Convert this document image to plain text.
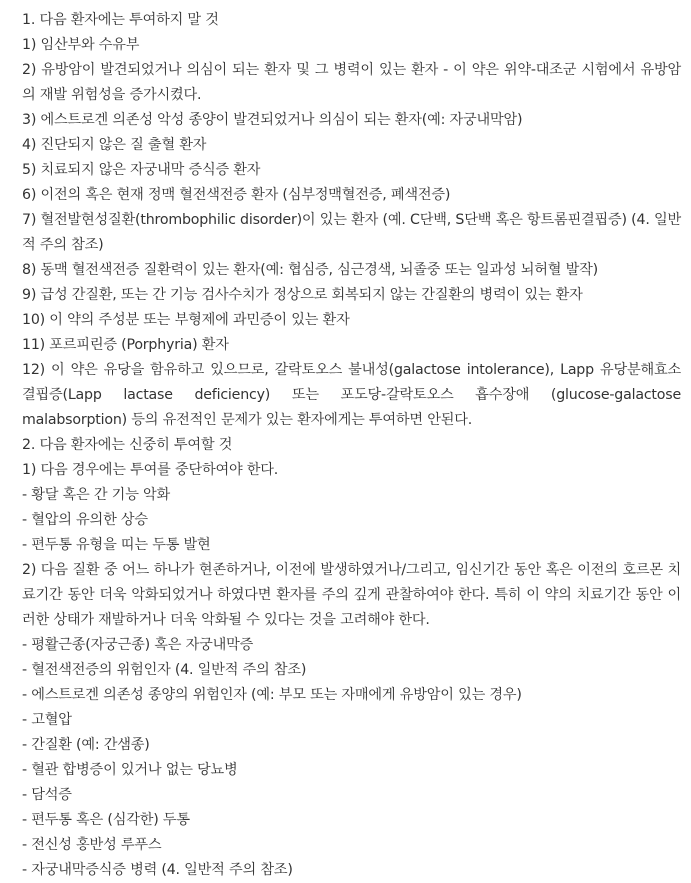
1. 다음 환자에는 투여하지 말 것

1) 임산부와 수유부

2) 유방암이 발견되었거나 의심이 되는 환자 및 그 병력이 있는 환자 - 이 약은 위약-대조군 시험에서 유방암의 재발 위험성을 증가시켰다.

3) 에스트로겐 의존성 악성 종양이 발견되었거나 의심이 되는 환자(예: 자궁내막암)

4) 진단되지 않은 질 출혈 환자

5) 치료되지 않은 자궁내막 증식증 환자

6) 이전의 혹은 현재 정맥 혈전색전증 환자 (심부정맥혈전증, 폐색전증)

7) 혈전발현성질환(thrombophilic disorder)이 있는 환자 (예. C단백, S단백 혹은 항트롬핀결핍증) (4. 일반적 주의 참조)

8) 동맥 혈전색전증 질환력이 있는 환자(예: 협심증, 심근경색, 뇌졸중 또는 일과성 뇌허혈 발작)

9) 급성 간질환, 또는 간 기능 검사수치가 정상으로 회복되지 않는 간질환의 병력이 있는 환자

10) 이 약의 주성분 또는 부형제에 과민증이 있는 환자

11) 포르피린증 (Porphyria) 환자

12) 이 약은 유당을 함유하고 있으므로, 갈락토오스 불내성(galactose intolerance), Lapp 유당분해효소 결핍증(Lapp lactase deficiency) 또는 포도당-갈락토오스 흡수장애 (glucose-galactose malabsorption) 등의 유전적인 문제가 있는 환자에게는 투여하면 안된다.

2. 다음 환자에는 신중히 투여할 것

1) 다음 경우에는 투여를 중단하여야 한다.

- 황달 혹은 간 기능 악화

- 혈압의 유의한 상승

- 편두통 유형을 띠는 두통 발현

2) 다음 질환 중 어느 하나가 현존하거나, 이전에 발생하였거나/그리고, 임신기간 동안 혹은 이전의 호르몬 치료기간 동안 더욱 악화되었거나 하였다면 환자를 주의 깊게 관찰하여야 한다. 특히 이 약의 치료기간 동안 이러한 상태가 재발하거나 더욱 악화될 수 있다는 것을 고려해야 한다.

- 평활근종(자궁근종) 혹은 자궁내막증

- 혈전색전증의 위험인자 (4. 일반적 주의 참조)

- 에스트로겐 의존성 종양의 위험인자 (예: 부모 또는 자매에게 유방암이 있는 경우)

- 고혈압

- 간질환 (예: 간샘종)

- 혈관 합병증이 있거나 없는 당뇨병

- 담석증

- 편두통 혹은 (심각한) 두통

- 전신성 홍반성 루푸스

- 자궁내막증식증 병력 (4. 일반적 주의 참조)
